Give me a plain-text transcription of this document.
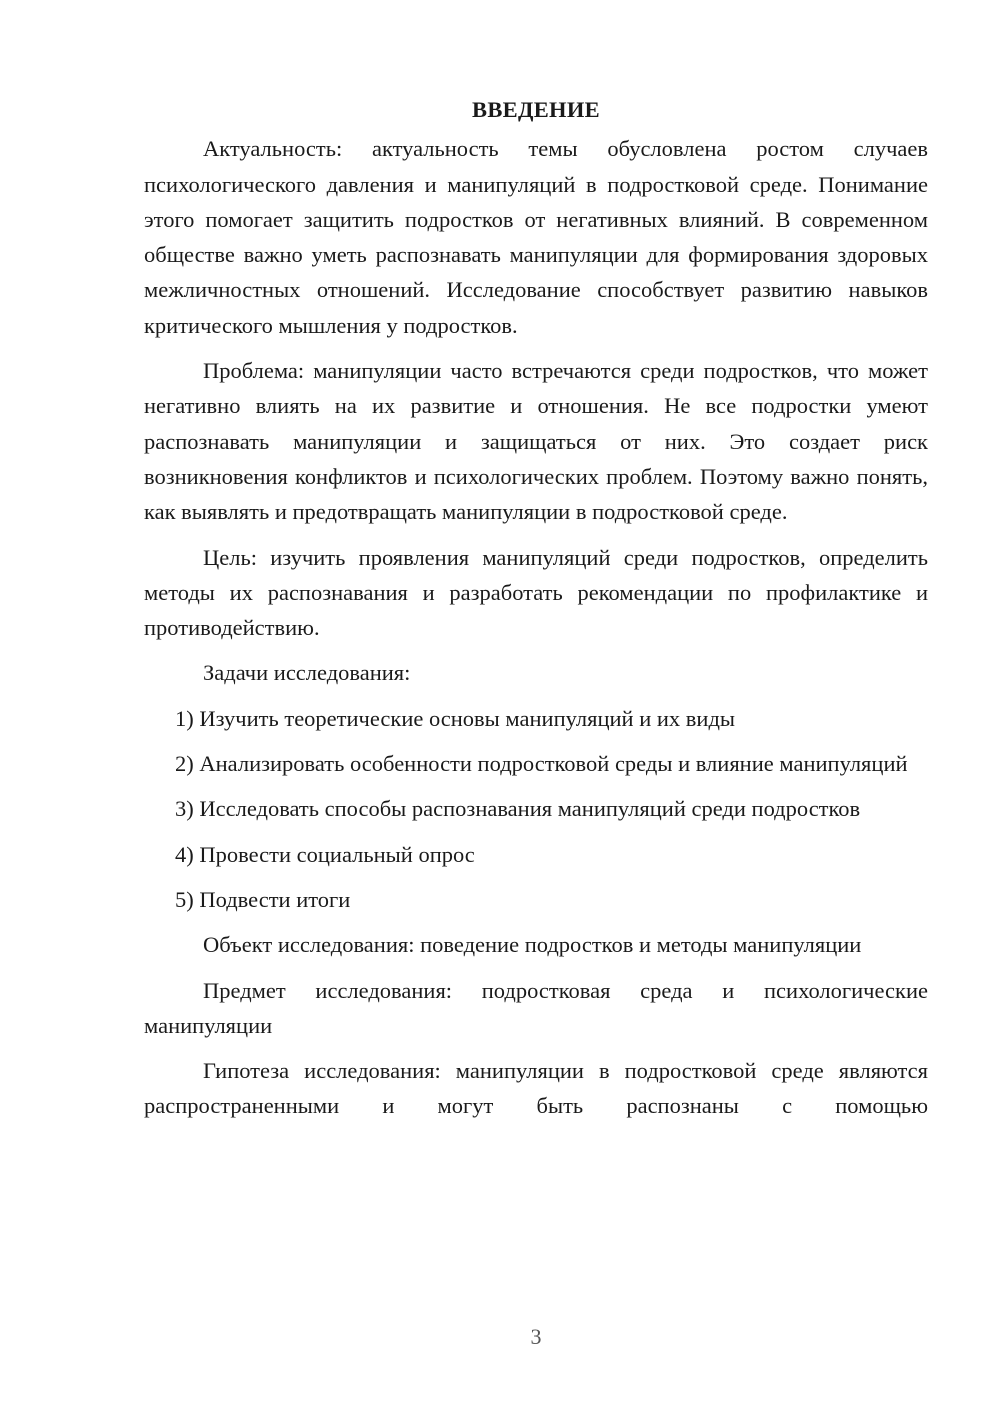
ВВЕДЕНИЕ

Актуальность: актуальность темы обусловлена ростом случаев психологического давления и манипуляций в подростковой среде. Понимание этого помогает защитить подростков от негативных влияний. В современном обществе важно уметь распознавать манипуляции для формирования здоровых межличностных отношений. Исследование способствует развитию навыков критического мышления у подростков.

Проблема: манипуляции часто встречаются среди подростков, что может негативно влиять на их развитие и отношения. Не все подростки умеют распознавать манипуляции и защищаться от них. Это создает риск возникновения конфликтов и психологических проблем. Поэтому важно понять, как выявлять и предотвращать манипуляции в подростковой среде.

Цель: изучить проявления манипуляций среди подростков, определить методы их распознавания и разработать рекомендации по профилактике и противодействию.

Задачи исследования:

1) Изучить теоретические основы манипуляций и их виды

2) Анализировать особенности подростковой среды и влияние манипуляций

3) Исследовать способы распознавания манипуляций среди подростков

4) Провести социальный опрос

5) Подвести итоги

Объект исследования: поведение подростков и методы манипуляции

Предмет исследования: подростковая среда и психологические манипуляции

Гипотеза исследования: манипуляции в подростковой среде являются распространенными и могут быть распознаны с помощью

3
